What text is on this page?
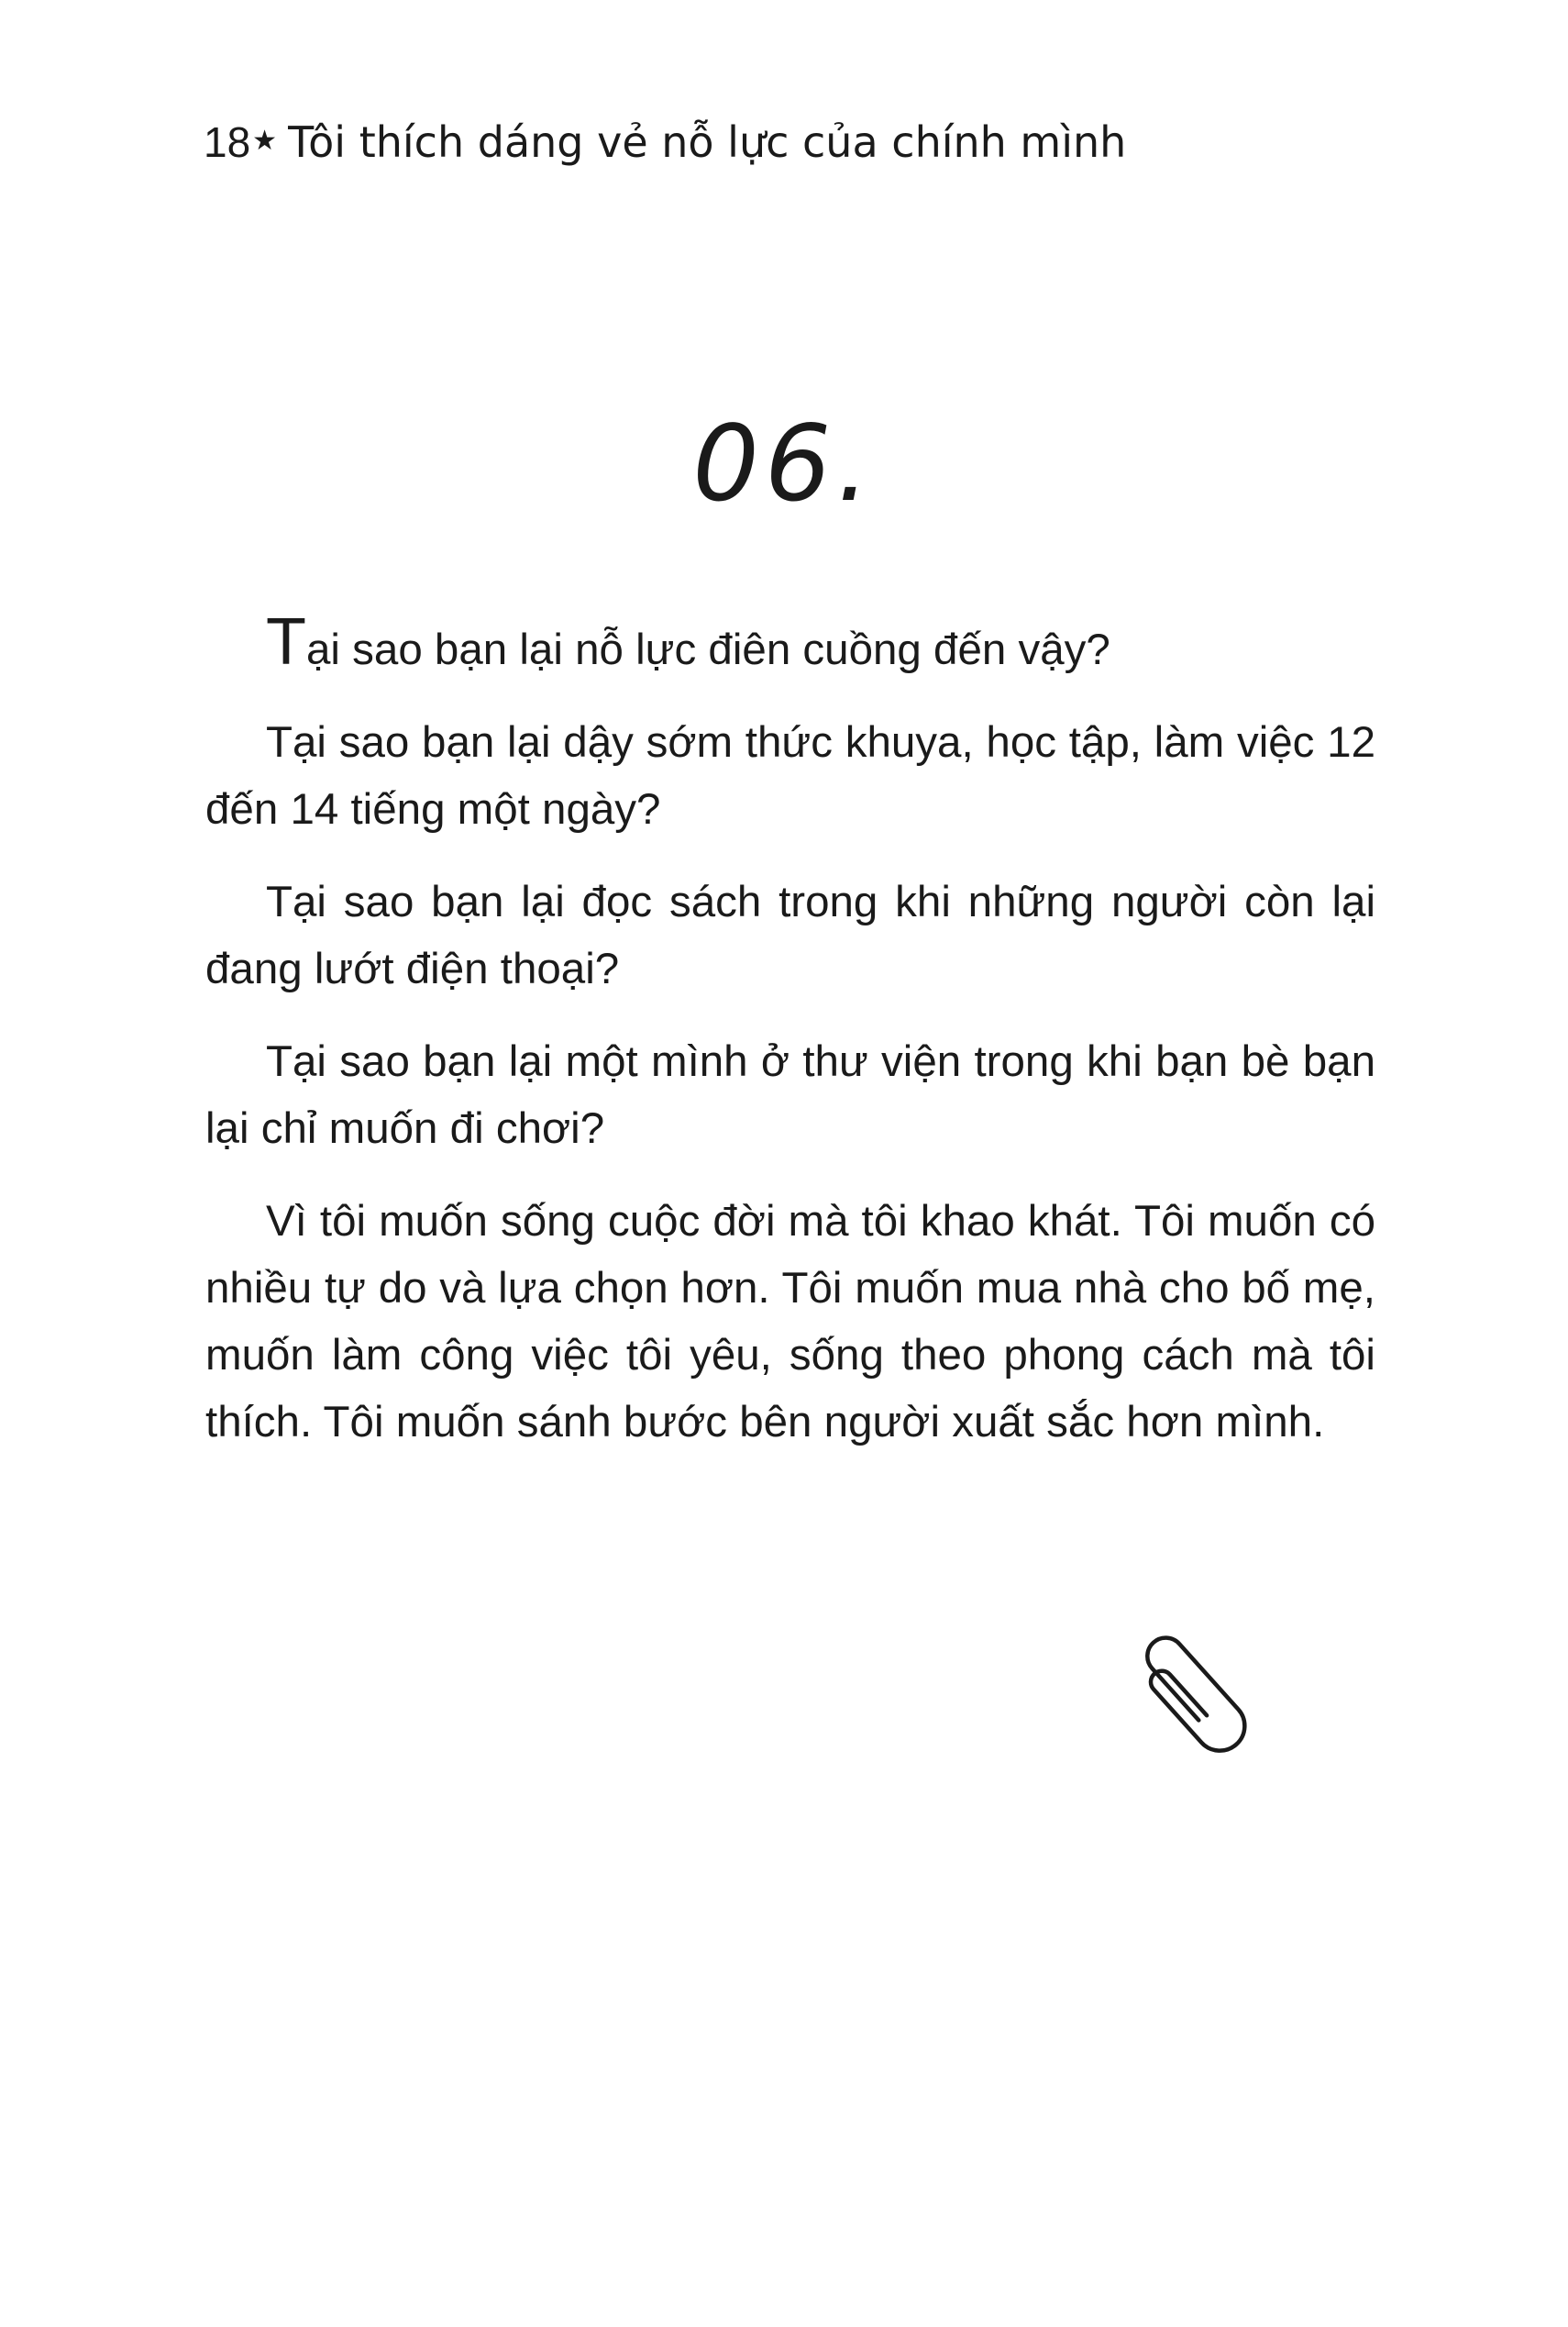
18★ Tôi thích dáng vẻ nỗ lực của chính mình
06.

Tại sao bạn lại nỗ lực điên cuồng đến vậy?

Tại sao bạn lại dậy sớm thức khuya, học tập, làm việc 12 đến 14 tiếng một ngày?

Tại sao bạn lại đọc sách trong khi những người còn lại đang lướt điện thoại?

Tại sao bạn lại một mình ở thư viện trong khi bạn bè bạn lại chỉ muốn đi chơi?

Vì tôi muốn sống cuộc đời mà tôi khao khát. Tôi muốn có nhiều tự do và lựa chọn hơn. Tôi muốn mua nhà cho bố mẹ, muốn làm công việc tôi yêu, sống theo phong cách mà tôi thích. Tôi muốn sánh bước bên người xuất sắc hơn mình.
